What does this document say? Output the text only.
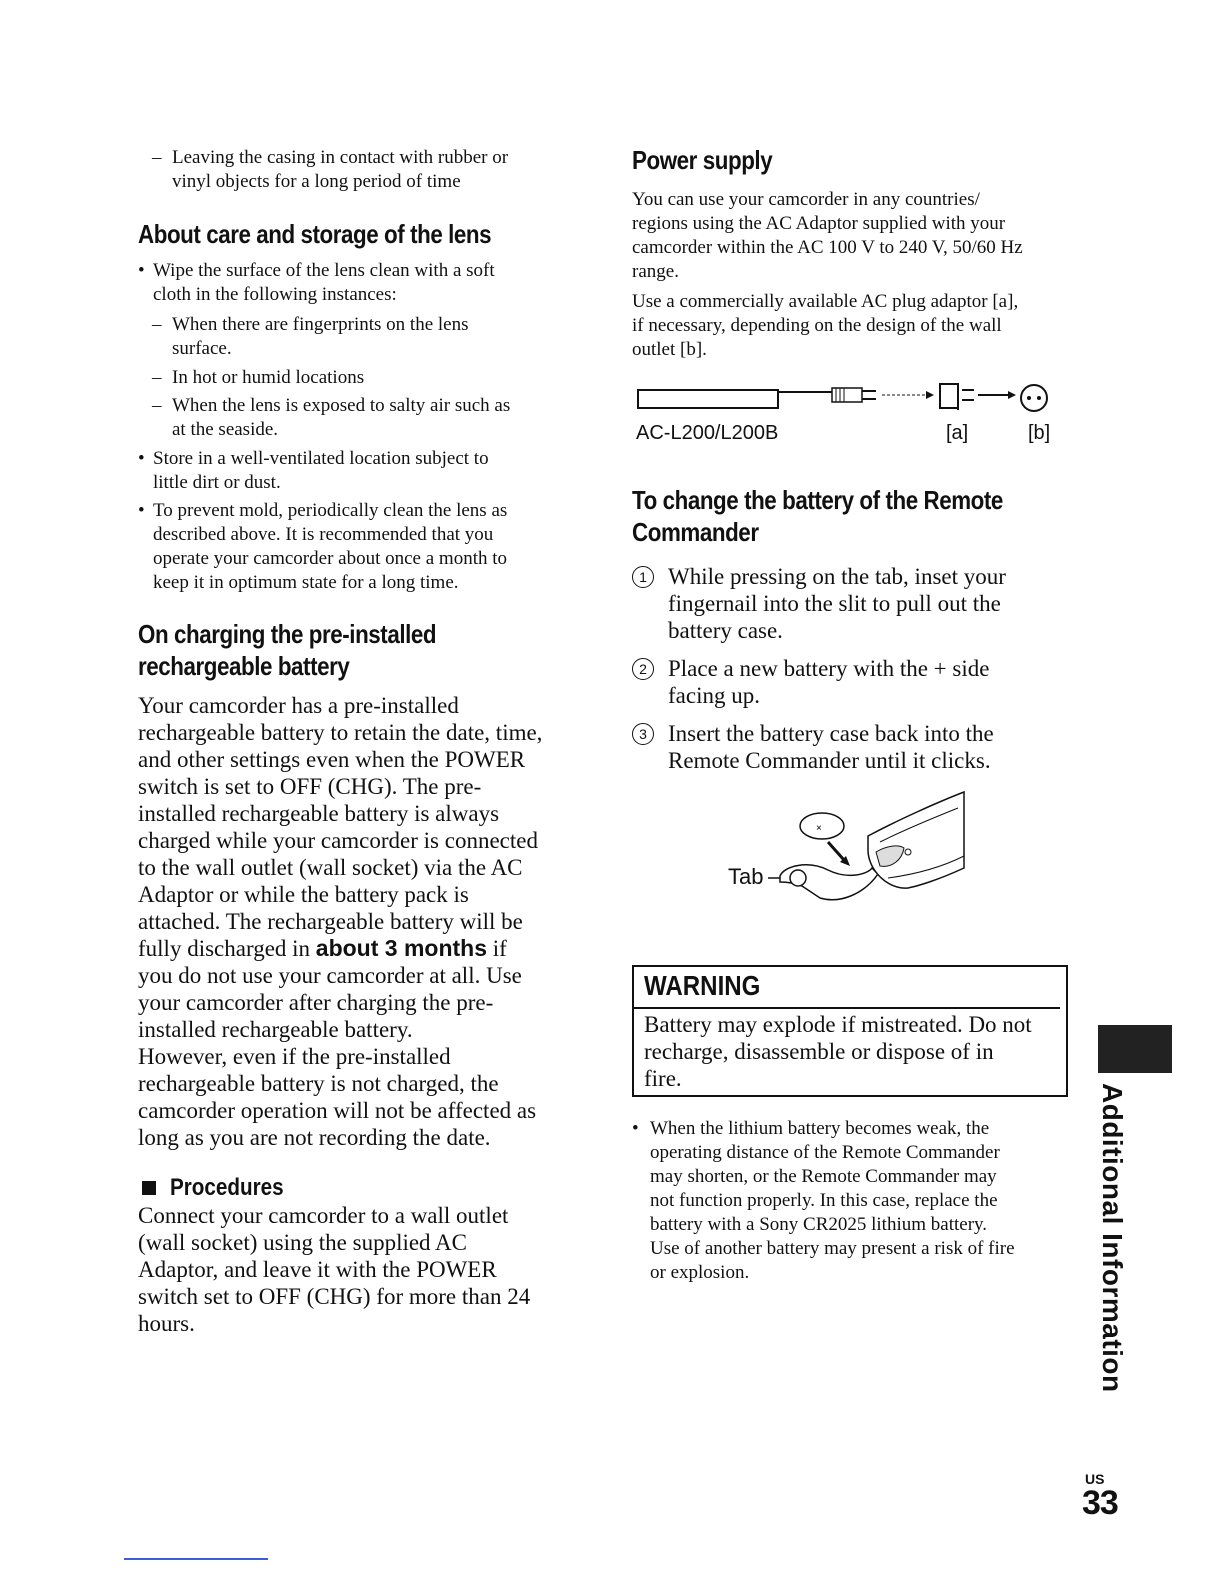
– Leaving the casing in contact with rubber or
vinyl objects for a long period of time
About care and storage of the lens
• Wipe the surface of the lens clean with a soft
cloth in the following instances:
– When there are fingerprints on the lens
surface.
– In hot or humid locations
– When the lens is exposed to salty air such as
at the seaside.
• Store in a well-ventilated location subject to
little dirt or dust.
• To prevent mold, periodically clean the lens as
described above. It is recommended that you
operate your camcorder about once a month to
keep it in optimum state for a long time.
On charging the pre-installed
rechargeable battery
Your camcorder has a pre-installed
rechargeable battery to retain the date, time,
and other settings even when the POWER
switch is set to OFF (CHG). The pre-
installed rechargeable battery is always
charged while your camcorder is connected
to the wall outlet (wall socket) via the AC
Adaptor or while the battery pack is
attached. The rechargeable battery will be
fully discharged in about 3 months if
you do not use your camcorder at all. Use
your camcorder after charging the pre-
installed rechargeable battery.
However, even if the pre-installed
rechargeable battery is not charged, the
camcorder operation will not be affected as
long as you are not recording the date.
Procedures
Connect your camcorder to a wall outlet
(wall socket) using the supplied AC
Adaptor, and leave it with the POWER
switch set to OFF (CHG) for more than 24
hours.
Power supply
You can use your camcorder in any countries/
regions using the AC Adaptor supplied with your
camcorder within the AC 100 V to 240 V, 50/60 Hz
range.
Use a commercially available AC plug adaptor [a],
if necessary, depending on the design of the wall
outlet [b].
AC-L200/L200B	[a]	[b]
To change the battery of the Remote
Commander
1 While pressing on the tab, inset your
fingernail into the slit to pull out the
battery case.
2 Place a new battery with the + side
facing up.
3 Insert the battery case back into the
Remote Commander until it clicks.
Tab
×
WARNING
Battery may explode if mistreated. Do not
recharge, disassemble or dispose of in
fire.
• When the lithium battery becomes weak, the
operating distance of the Remote Commander
may shorten, or the Remote Commander may
not function properly. In this case, replace the
battery with a Sony CR2025 lithium battery.
Use of another battery may present a risk of fire
or explosion.	Additional Information
US
33
